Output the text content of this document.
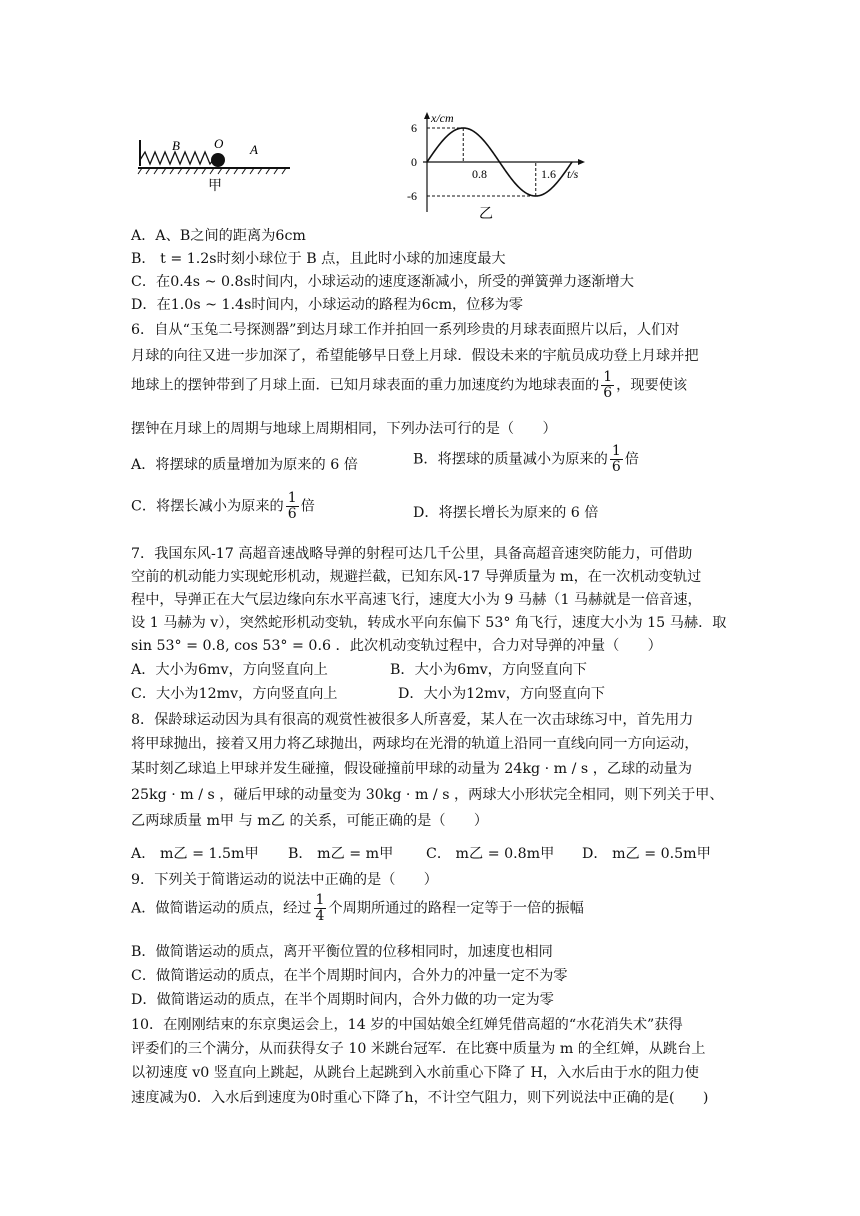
B	O A
甲
x/cm
t/s
6
0
-6
0.8	1.6
乙
A．A、B之间的距离为6cm
B． t = 1.2s时刻小球位于 B 点，且此时小球的加速度最大
C．在0.4s ~ 0.8s时间内，小球运动的速度逐渐减小，所受的弹簧弹力逐渐增大
D．在1.0s ~ 1.4s时间内，小球运动的路程为6cm，位移为零
6．自从“玉兔二号探测器”到达月球工作并拍回一系列珍贵的月球表面照片以后，人们对
月球的向往又进一步加深了，希望能够早日登上月球．假设未来的宇航员成功登上月球并把
地球上的摆钟带到了月球上面．已知月球表面的重力加速度约为地球表面的 $\frac{1}{6}$ ，现要使该
摆钟在月球上的周期与地球上周期相同，下列办法可行的是（　　）
A．将摆球的质量增加为原来的 6 倍	B．将摆球的质量减小为原来的 $\frac{1}{6}$ 倍
C．将摆长减小为原来的 $\frac{1}{6}$ 倍	D．将摆长增长为原来的 6 倍
7．我国东风-17 高超音速战略导弹的射程可达几千公里，具备高超音速突防能力，可借助
空前的机动能力实现蛇形机动，规避拦截，已知东风-17 导弹质量为 m，在一次机动变轨过
程中，导弹正在大气层边缘向东水平高速飞行，速度大小为 9 马赫（1 马赫就是一倍音速，
设 1 马赫为 v），突然蛇形机动变轨，转成水平向东偏下 53° 角飞行，速度大小为 15 马赫．取
sin 53° = 0.8, cos 53° = 0.6 ．此次机动变轨过程中，合力对导弹的冲量（　　）
A．大小为6mv，方向竖直向上	B．大小为6mv，方向竖直向下
C．大小为12mv，方向竖直向上	D．大小为12mv，方向竖直向下
8．保龄球运动因为具有很高的观赏性被很多人所喜爱，某人在一次击球练习中，首先用力
将甲球抛出，接着又用力将乙球抛出，两球均在光滑的轨道上沿同一直线向同一方向运动，
某时刻乙球追上甲球并发生碰撞，假设碰撞前甲球的动量为 24kg · m / s ，乙球的动量为
25kg · m / s ，碰后甲球的动量变为 30kg · m / s ，两球大小形状完全相同，则下列关于甲、
乙两球质量 m甲 与 m乙 的关系，可能正确的是（　　）
A． m乙 = 1.5m甲 B． m乙 = m甲 C． m乙 = 0.8m甲 D． m乙 = 0.5m甲
9．下列关于简谐运动的说法中正确的是（　　）
A．做简谐运动的质点，经过 $\frac{1}{4}$ 个周期所通过的路程一定等于一倍的振幅
B．做简谐运动的质点，离开平衡位置的位移相同时，加速度也相同
C．做简谐运动的质点，在半个周期时间内，合外力的冲量一定不为零
D．做简谐运动的质点，在半个周期时间内，合外力做的功一定为零
10．在刚刚结束的东京奥运会上，14 岁的中国姑娘全红婵凭借高超的“水花消失术”获得
评委们的三个满分，从而获得女子 10 米跳台冠军．在比赛中质量为 m 的全红婵，从跳台上
以初速度 v0 竖直向上跳起，从跳台上起跳到入水前重心下降了 H，入水后由于水的阻力使
速度减为0．入水后到速度为0时重心下降了h，不计空气阻力，则下列说法中正确的是(　　)
